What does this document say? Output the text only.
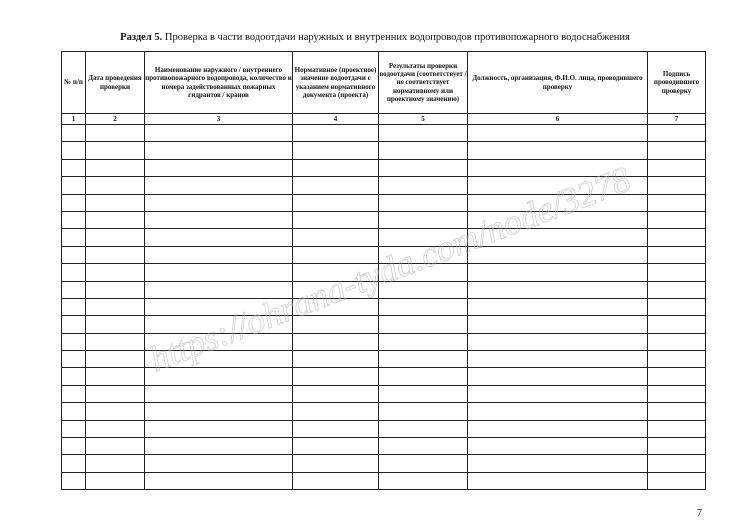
Раздел 5. Проверка в части водоотдачи наружных и внутренних водопроводов противопожарного водоснабжения
№ п/п	Дата проведения проверки	Наименование наружного / внутреннего противопожарного водопровода, количество и номера задействованных пожарных гидрантов / кранов	Нормативное (проектное) значение водоотдачи с указанием нормативного документа (проекта)	Результаты проверки водоотдачи (соответствует / не соответствует нормативному или проектному значению)	Должность, организация, Ф.И.О. лица, проводившего проверку	Подпись проводившего проверку
1	2	3	4	5	6	7

https://ohrana-tyda.com/node/3278
7
